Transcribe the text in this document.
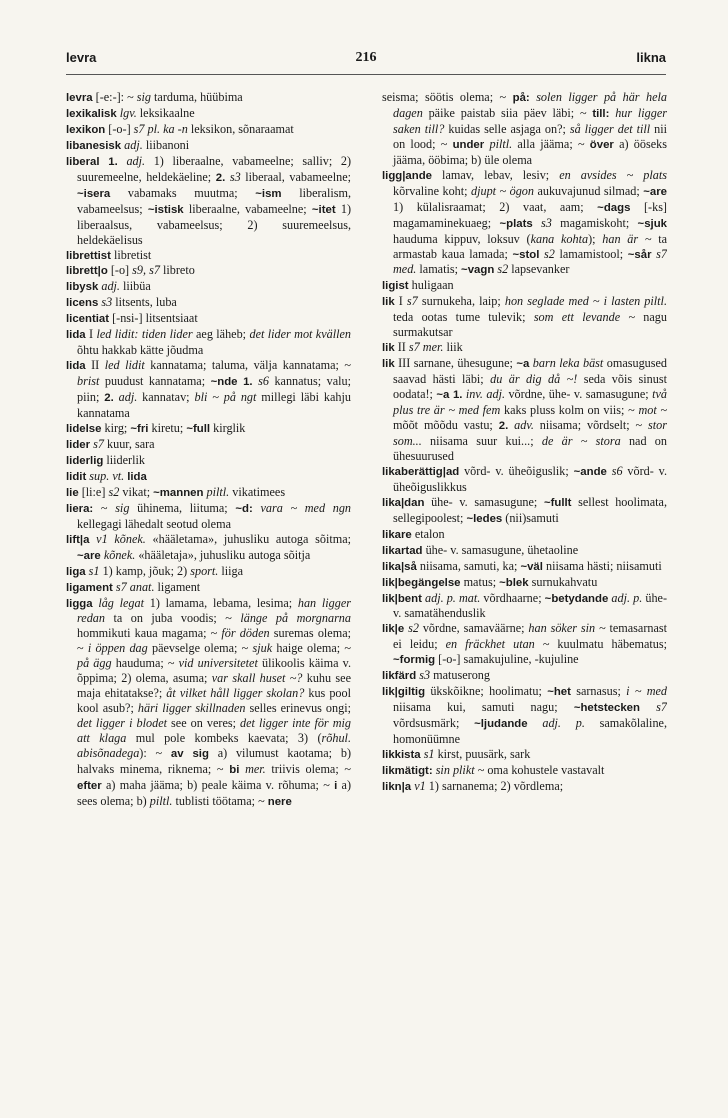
levra	216	likna
levra [-e:-]: ~ sig tarduma, hüübima
lexikalisk lgv. leksikaalne
lexikon [-o-] s7 pl. ka -n leksikon, sõnaraamat
libanesisk adj. liibanoni
liberal 1. adj. 1) liberaalne, vabameelne; salliv; 2) suuremeelne, heldekäeline; 2. s3 liberaal, vabameelne; ~isera vabamaks muutma; ~ism liberalism, vabameelsus; ~istisk liberaalne, vabameelne; ~itet 1) liberaalsus, vabameelsus; 2) suuremeelsus, heldekäelisus
librettist libretist
librett|o [-o] s9, s7 libreto
libysk adj. liibüa
licens s3 litsents, luba
licentiat [-nsi-] litsentsiaat
lida I led lidit: tiden lider aeg läheb; det lider mot kvällen õhtu hakkab kätte jõudma
lida II led lidit kannatama; taluma, välja kannatama; ~ brist puudust kannatama; ~nde 1. s6 kannatus; valu; piin; 2. adj. kannatav; bli ~ på ngt millegi läbi kahju kannatama
lidelse kirg; ~fri kiretu; ~full kirglik
lider s7 kuur, sara
liderlig liiderlik
lidit sup. vt. lida
lie [li:e] s2 vikat; ~mannen piltl. vikatimees
liera: ~ sig ühinema, liituma; ~d: vara ~ med ngn kellegagi lähedalt seotud olema
lift|a v1 kõnek. «hääletama», juhusliku autoga sõitma; ~are kõnek. «hääletaja», juhusliku autoga sõitja
liga s1 1) kamp, jõuk; 2) sport. liiga
ligament s7 anat. ligament
ligga låg legat 1) lamama, lebama, lesima; han ligger redan ta on juba voodis; ~ länge på morgnarna hommikuti kaua magama; ~ för döden suremas olema; ~ i öppen dag päevselge olema; ~ sjuk haige olema; ~ på ägg hauduma; ~ vid universitetet ülikoolis käima v. õppima; 2) olema, asuma; var skall huset ~? kuhu see maja ehitatakse?; åt vilket håll ligger skolan? kus pool kool asub?; häri ligger skillnaden selles erinevus ongi; det ligger i blodet see on veres; det ligger inte för mig att klaga mul pole kombeks kaevata; 3) (rõhul. abisõnadega): ~ av sig a) vilumust kaotama; b) halvaks minema, riknema; ~ bi mer. triivis olema; ~ efter a) maha jääma; b) peale käima v. rõhuma; ~ i a) sees olema; b) piltl. tublisti töötama; ~ nere
seisma; söötis olema; ~ på: solen ligger på här hela dagen päike paistab siia päev läbi; ~ till: hur ligger saken till? kuidas selle asjaga on?; så ligger det till nii on lood; ~ under piltl. alla jääma; ~ över a) ööseks jääma, ööbima; b) üle olema
ligg|ande lamav, lebav, lesiv; en avsides ~ plats kõrvaline koht; djupt ~ ögon aukuvajunud silmad; ~are 1) külalisraamat; 2) vaat, aam; ~dags [-ks] magamaminekuaeg; ~plats s3 magamiskoht; ~sjuk hauduma kippuv, loksuv (kana kohta); han är ~ ta armastab kaua lamada; ~stol s2 lamamistool; ~sår s7 med. lamatis; ~vagn s2 lapsevanker
ligist huligaan
lik I s7 surnukeha, laip; hon seglade med ~ i lasten piltl. teda ootas tume tulevik; som ett levande ~ nagu surmakutsar
lik II s7 mer. liik
lik III sarnane, ühesugune; ~a barn leka bäst omasugused saavad hästi läbi; du är dig då ~! seda võis sinust oodata!; ~a 1. inv. adj. võrdne, ühe- v. samasugune; två plus tre är ~ med fem kaks pluss kolm on viis; ~ mot ~ mõõt mõõdu vastu; 2. adv. niisama; võrdselt; ~ stor som... niisama suur kui...; de är ~ stora nad on ühesuurused
likaberättig|ad võrd- v. üheõiguslik; ~ande s6 võrd- v. üheõiguslikkus
lika|dan ühe- v. samasugune; ~fullt sellest hoolimata, sellegipoolest; ~ledes (nii)samuti
likare etalon
likartad ühe- v. samasugune, ühetaoline
lika|så niisama, samuti, ka; ~väl niisama hästi; niisamuti
lik|begängelse matus; ~blek surnukahvatu
lik|bent adj. p. mat. võrdhaarne; ~betydande adj. p. ühe- v. samatähenduslik
lik|e s2 võrdne, samaväärne; han söker sin ~ temasarnast ei leidu; en fräckhet utan ~ kuulmatu häbematus; ~formig [-o-] samakujuline, -kujuline
likfärd s3 matuserong
lik|giltig ükskõikne; hoolimatu; ~het sarnasus; i ~ med niisama kui, samuti nagu; ~hetstecken s7 võrdsusmärk; ~ljudande adj. p. samakõlaline, homonüümne
likkista s1 kirst, puusärk, sark
likmätigt: sin plikt ~ oma kohustele vastavalt
likn|a v1 1) sarnanema; 2) võrdlema;
